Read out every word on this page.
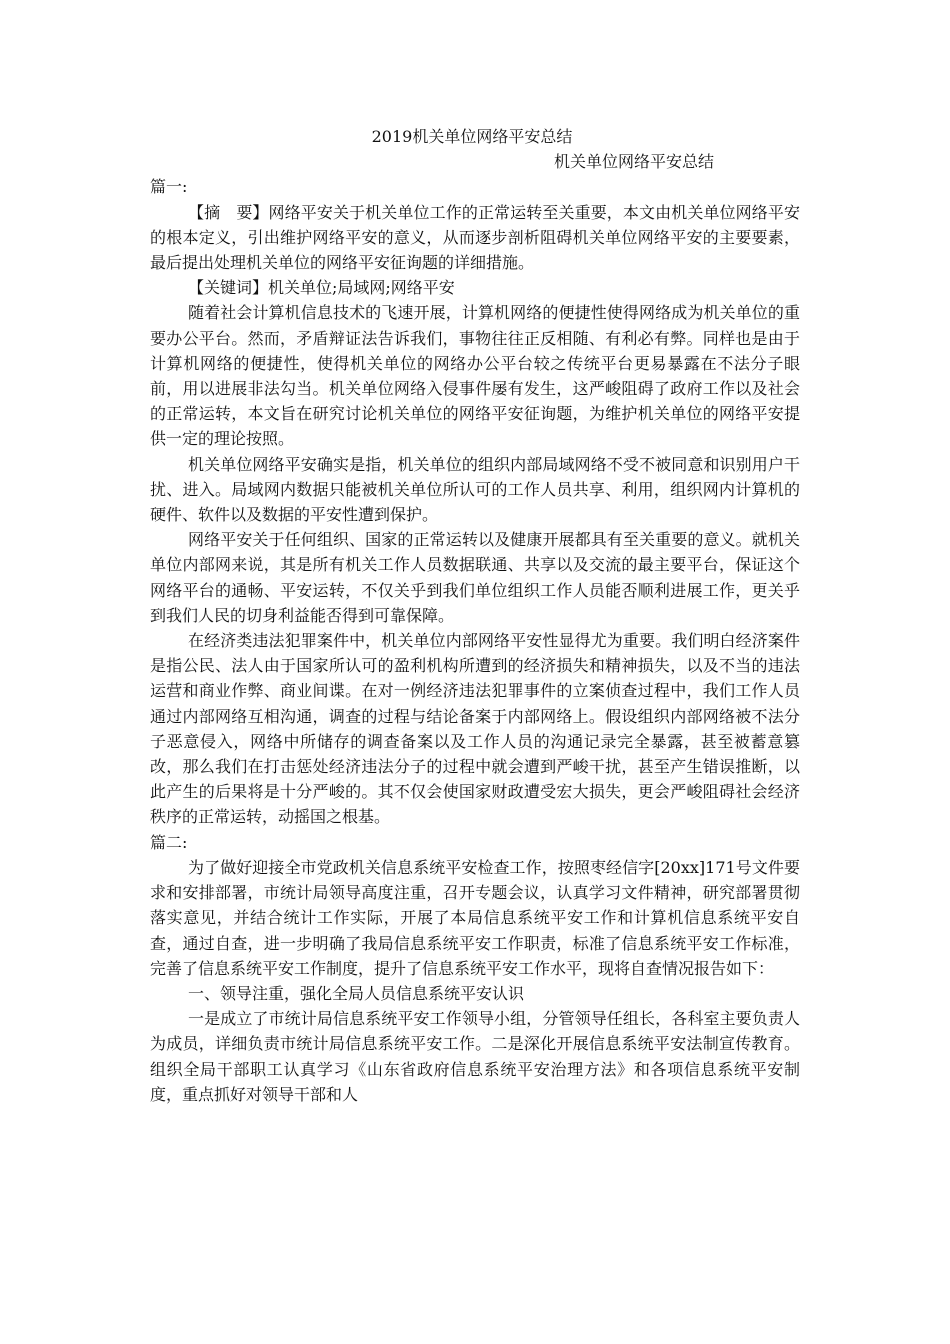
2019机关单位网络平安总结
机关单位网络平安总结
篇一:

【摘　要】网络平安关于机关单位工作的正常运转至关重要，本文由机关单位网络平安的根本定义，引出维护网络平安的意义，从而逐步剖析阻碍机关单位网络平安的主要要素，最后提出处理机关单位的网络平安征询题的详细措施。

【关键词】机关单位;局域网;网络平安

随着社会计算机信息技术的飞速开展，计算机网络的便捷性使得网络成为机关单位的重要办公平台。然而，矛盾辩证法告诉我们，事物往往正反相随、有利必有弊。同样也是由于计算机网络的便捷性，使得机关单位的网络办公平台较之传统平台更易暴露在不法分子眼前，用以进展非法勾当。机关单位网络入侵事件屡有发生，这严峻阻碍了政府工作以及社会的正常运转，本文旨在研究讨论机关单位的网络平安征询题，为维护机关单位的网络平安提供一定的理论按照。

机关单位网络平安确实是指，机关单位的组织内部局域网络不受不被同意和识别用户干扰、进入。局域网内数据只能被机关单位所认可的工作人员共享、利用，组织网内计算机的硬件、软件以及数据的平安性遭到保护。

网络平安关于任何组织、国家的正常运转以及健康开展都具有至关重要的意义。就机关单位内部网来说，其是所有机关工作人员数据联通、共享以及交流的最主要平台，保证这个网络平台的通畅、平安运转，不仅关乎到我们单位组织工作人员能否顺利进展工作，更关乎到我们人民的切身利益能否得到可靠保障。

在经济类违法犯罪案件中，机关单位内部网络平安性显得尤为重要。我们明白经济案件是指公民、法人由于国家所认可的盈利机构所遭到的经济损失和精神损失，以及不当的违法运营和商业作弊、商业间谍。在对一例经济违法犯罪事件的立案侦查过程中，我们工作人员通过内部网络互相沟通，调查的过程与结论备案于内部网络上。假设组织内部网络被不法分子恶意侵入，网络中所储存的调查备案以及工作人员的沟通记录完全暴露，甚至被蓄意篡改，那么我们在打击惩处经济违法分子的过程中就会遭到严峻干扰，甚至产生错误推断，以此产生的后果将是十分严峻的。其不仅会使国家财政遭受宏大损失，更会严峻阻碍社会经济秩序的正常运转，动摇国之根基。

篇二:

为了做好迎接全市党政机关信息系统平安检查工作，按照枣经信字[20xx]171号文件要求和安排部署，市统计局领导高度注重，召开专题会议，认真学习文件精神，研究部署贯彻落实意见，并结合统计工作实际，开展了本局信息系统平安工作和计算机信息系统平安自查，通过自查，进一步明确了我局信息系统平安工作职责，标准了信息系统平安工作标准，完善了信息系统平安工作制度，提升了信息系统平安工作水平，现将自查情况报告如下：

一、领导注重，强化全局人员信息系统平安认识

一是成立了市统计局信息系统平安工作领导小组，分管领导任组长，各科室主要负责人为成员，详细负责市统计局信息系统平安工作。二是深化开展信息系统平安法制宣传教育。组织全局干部职工认真学习《山东省政府信息系统平安治理方法》和各项信息系统平安制度，重点抓好对领导干部和人
